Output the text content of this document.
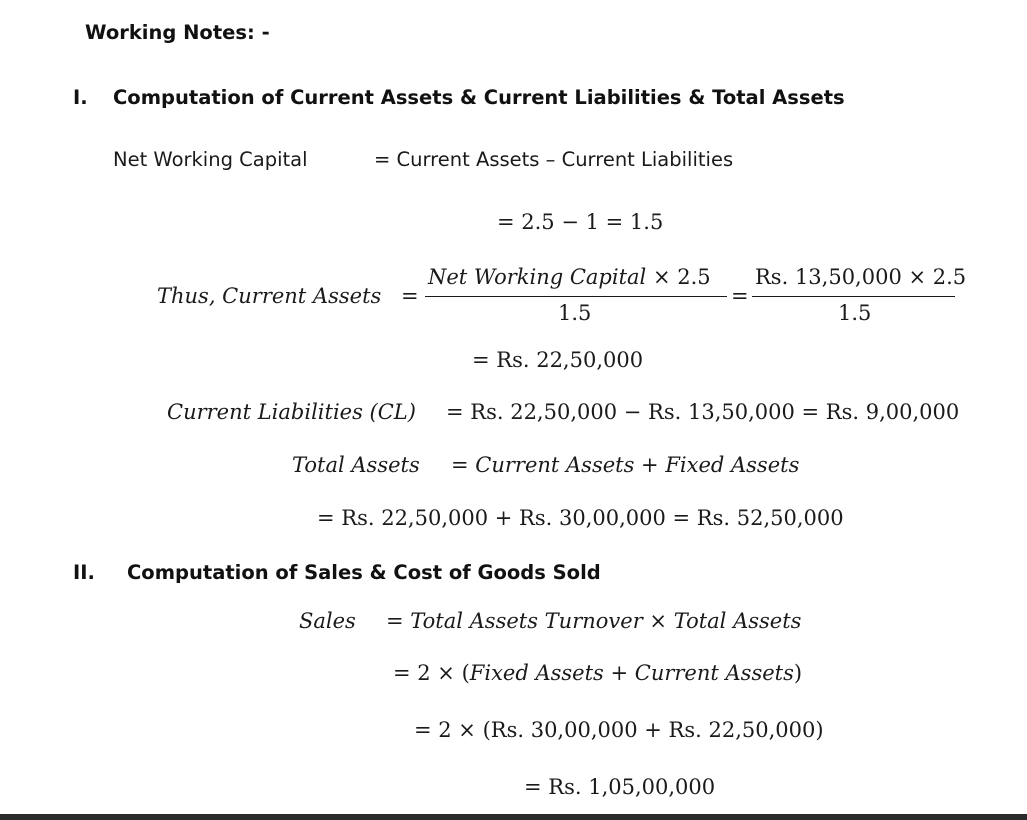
Working Notes: -
I. Computation of Current Assets & Current Liabilities & Total Assets
Net Working Capital	= Current Assets – Current Liabilities
= 2.5 − 1 = 1.5
Thus, Current Assets =
Net Working Capital × 2.5
1.5
=
Rs. 13,50,000 × 2.5
1.5
= Rs. 22,50,000
Current Liabilities (CL) = Rs. 22,50,000 − Rs. 13,50,000 = Rs. 9,00,000
Total Assets = Current Assets + Fixed Assets
= Rs. 22,50,000 + Rs. 30,00,000 = Rs. 52,50,000
II. Computation of Sales & Cost of Goods Sold
Sales = Total Assets Turnover × Total Assets
= 2 × (Fixed Assets + Current Assets)
= 2 × (Rs. 30,00,000 + Rs. 22,50,000)
= Rs. 1,05,00,000
